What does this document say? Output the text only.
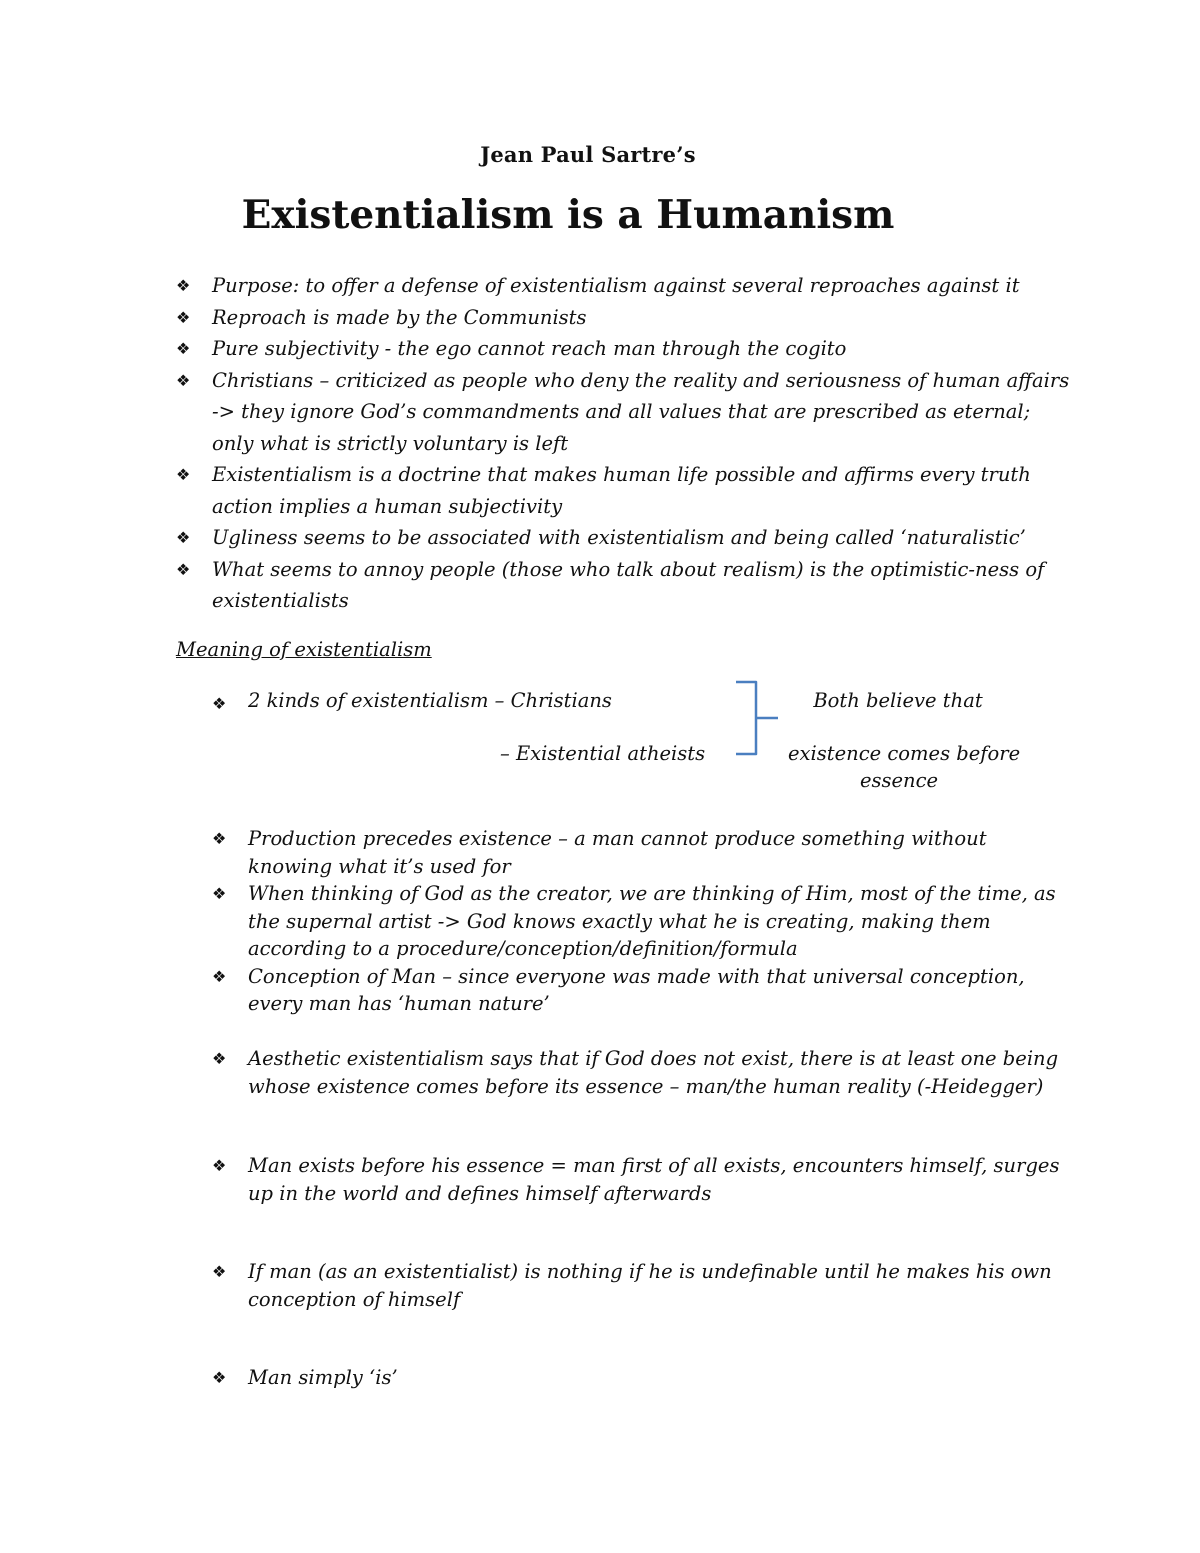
Jean Paul Sartre’s
Existentialism is a Humanism
❖ Purpose: to offer a defense of existentialism against several reproaches against it
❖ Reproach is made by the Communists
❖ Pure subjectivity - the ego cannot reach man through the cogito
❖ Christians – criticized as people who deny the reality and seriousness of human affairs -> they ignore God’s commandments and all values that are prescribed as eternal; only what is strictly voluntary is left
❖ Existentialism is a doctrine that makes human life possible and affirms every truth action implies a human subjectivity
❖ Ugliness seems to be associated with existentialism and being called ‘naturalistic’
❖ What seems to annoy people (those who talk about realism) is the optimistic-ness of existentialists
Meaning of existentialism
❖ 2 kinds of existentialism – Christians
– Existential atheists
Both believe that
existence comes before
essence
❖ Production precedes existence – a man cannot produce something without knowing what it’s used for
❖ When thinking of God as the creator, we are thinking of Him, most of the time, as the supernal artist -> God knows exactly what he is creating, making them according to a procedure/conception/definition/formula
❖ Conception of Man – since everyone was made with that universal conception, every man has ‘human nature’
❖ Aesthetic existentialism says that if God does not exist, there is at least one being whose existence comes before its essence – man/the human reality (-Heidegger)
❖ Man exists before his essence = man first of all exists, encounters himself, surges up in the world and defines himself afterwards
❖ If man (as an existentialist) is nothing if he is undefinable until he makes his own conception of himself
❖ Man simply ‘is’
